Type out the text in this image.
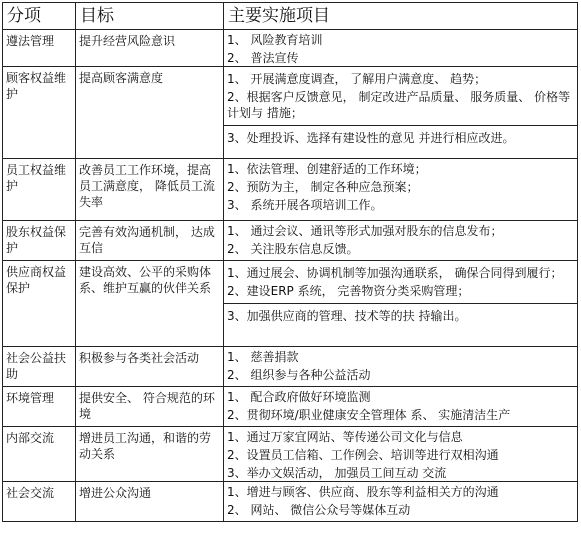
分项	目标	主要实施项目
遵法管理	提升经营风险意识	1、 风险教育培训
2、 普法宣传

顾客权益维护	提高顾客满意度	1、 开展满意度调查， 了解用户满意度、 趋势；
2、根据客户反馈意见， 制定改进产品质量、 服务质量、 价格等计划与 措施；
3、处理投诉、选择有建设性的意见 并进行相应改进。

员工权益维护	改善员工工作环境，提高员工满意度， 降低员工流失率	1、依法管理、创建舒适的工作环境；
2、预防为主， 制定各种应急预案；
3、 系统开展各项培训工作。

股东权益保护	完善有效沟通机制， 达成互信	1、 通过会议、通讯等形式加强对股东的信息发布；
2、 关注股东信息反馈。

供应商权益保护	建设高效、公平的采购体系、维护互赢的伙伴关系	1、通过展会、协调机制等加强沟通联系， 确保合同得到履行；
2、建设ERP 系统， 完善物资分类采购管理；
3、加强供应商的管理、技术等的扶 持输出。

社会公益扶助	积极参与各类社会活动	1、 慈善捐款
2、 组织参与各种公益活动

环境管理	提供安全、 符合规范的环境	1、 配合政府做好环境监测
2、贯彻环境/职业健康安全管理体 系、 实施清洁生产

内部交流	增进员工沟通，和谐的劳动关系	1、通过万家宜网站、等传递公司文化与信息
2、设置员工信箱、工作例会、培训等进行双相沟通
3、举办文娱活动， 加强员工间互动 交流

社会交流	增进公众沟通	1、增进与顾客、供应商、股东等利益相关方的沟通
2、 网站、 微信公众号等媒体互动
